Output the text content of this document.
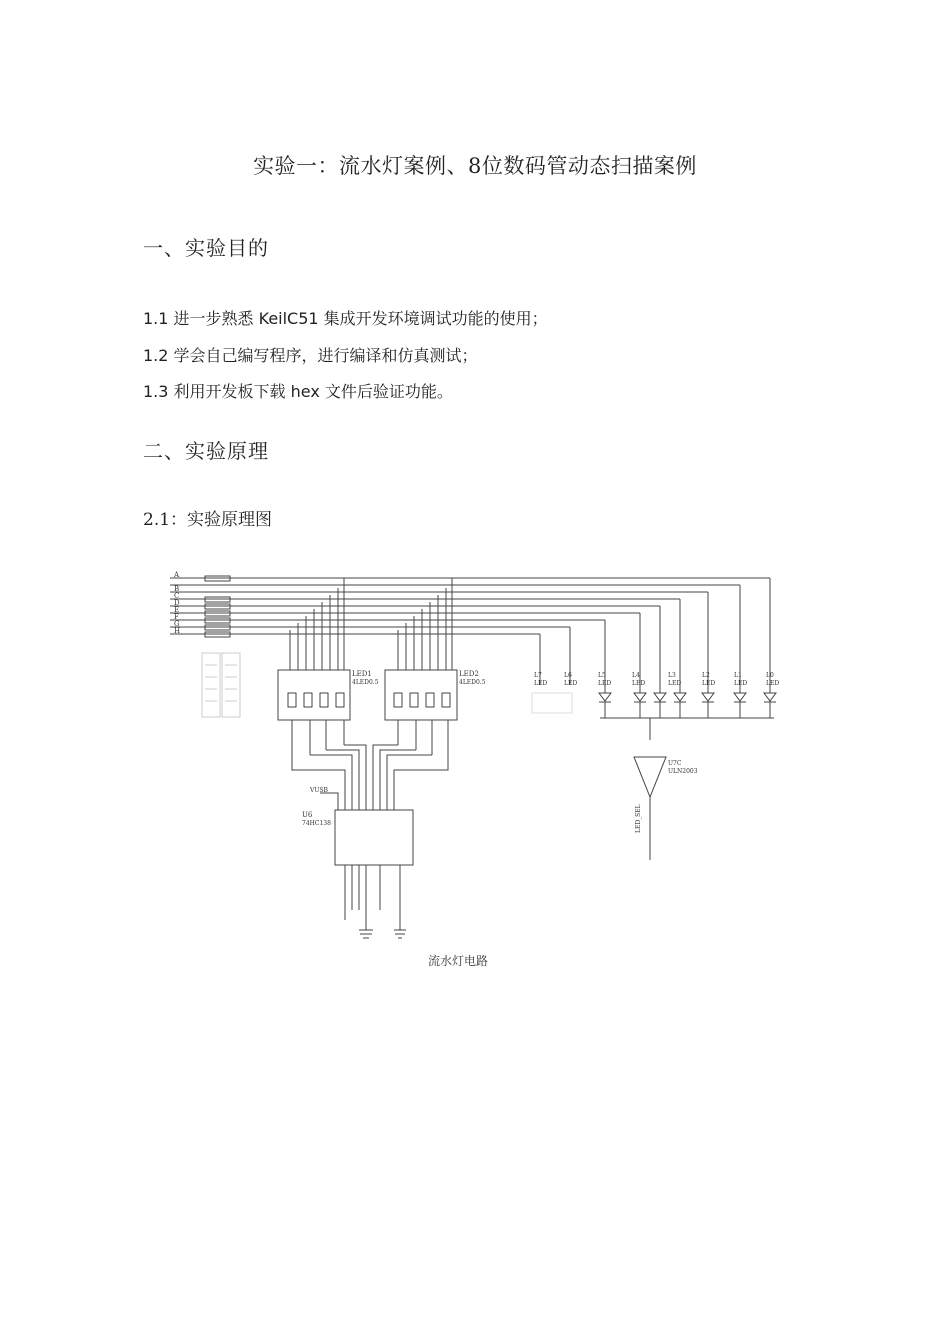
实验一：流水灯案例、8位数码管动态扫描案例
一、实验目的
1.1 进一步熟悉 KeilC51 集成开发环境调试功能的使用；
1.2 学会自己编写程序，进行编译和仿真测试；
1.3 利用开发板下载 hex 文件后验证功能。
二、实验原理
2.1：实验原理图
A
B
C
D
E
F
G
H
LED1
4LED0.5
LED2
4LED0.5
VUSB
U6
74HC138
L7
LED
L6
LED
L5
LED
L4
LED
L3
LED
L2
LED
L1
LED
L0
LED
U7C
ULN2003
LED_SEL
流水灯电路
